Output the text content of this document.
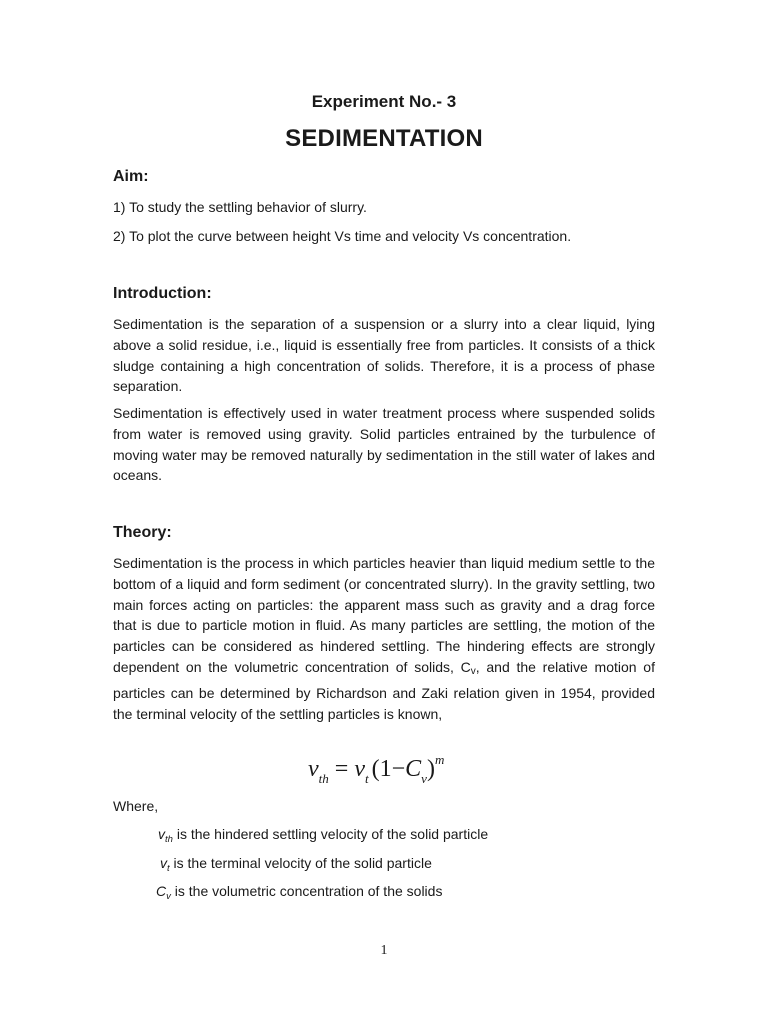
Experiment No.- 3
SEDIMENTATION
Aim:
1) To study the settling behavior of slurry.
2) To plot the curve between height Vs time and velocity Vs concentration.
Introduction:
Sedimentation is the separation of a suspension or a slurry into a clear liquid, lying above a solid residue, i.e., liquid is essentially free from particles. It consists of a thick sludge containing a high concentration of solids. Therefore, it is a process of phase separation.
Sedimentation is effectively used in water treatment process where suspended solids from water is removed using gravity. Solid particles entrained by the turbulence of moving water may be removed naturally by sedimentation in the still water of lakes and oceans.
Theory:
Sedimentation is the process in which particles heavier than liquid medium settle to the bottom of a liquid and form sediment (or concentrated slurry). In the gravity settling, two main forces acting on particles: the apparent mass such as gravity and a drag force that is due to particle motion in fluid. As many particles are settling, the motion of the particles can be considered as hindered settling. The hindering effects are strongly dependent on the volumetric concentration of solids, Cv, and the relative motion of particles can be determined by Richardson and Zaki relation given in 1954, provided the terminal velocity of the settling particles is known,
$v_{th} = v_t$ $(1-C_v)^m$
Where,
$v_{th}$ is the hindered settling velocity of the solid particle
$v_t$ is the terminal velocity of the solid particle
$C_v$ is the volumetric concentration of the solids
1
